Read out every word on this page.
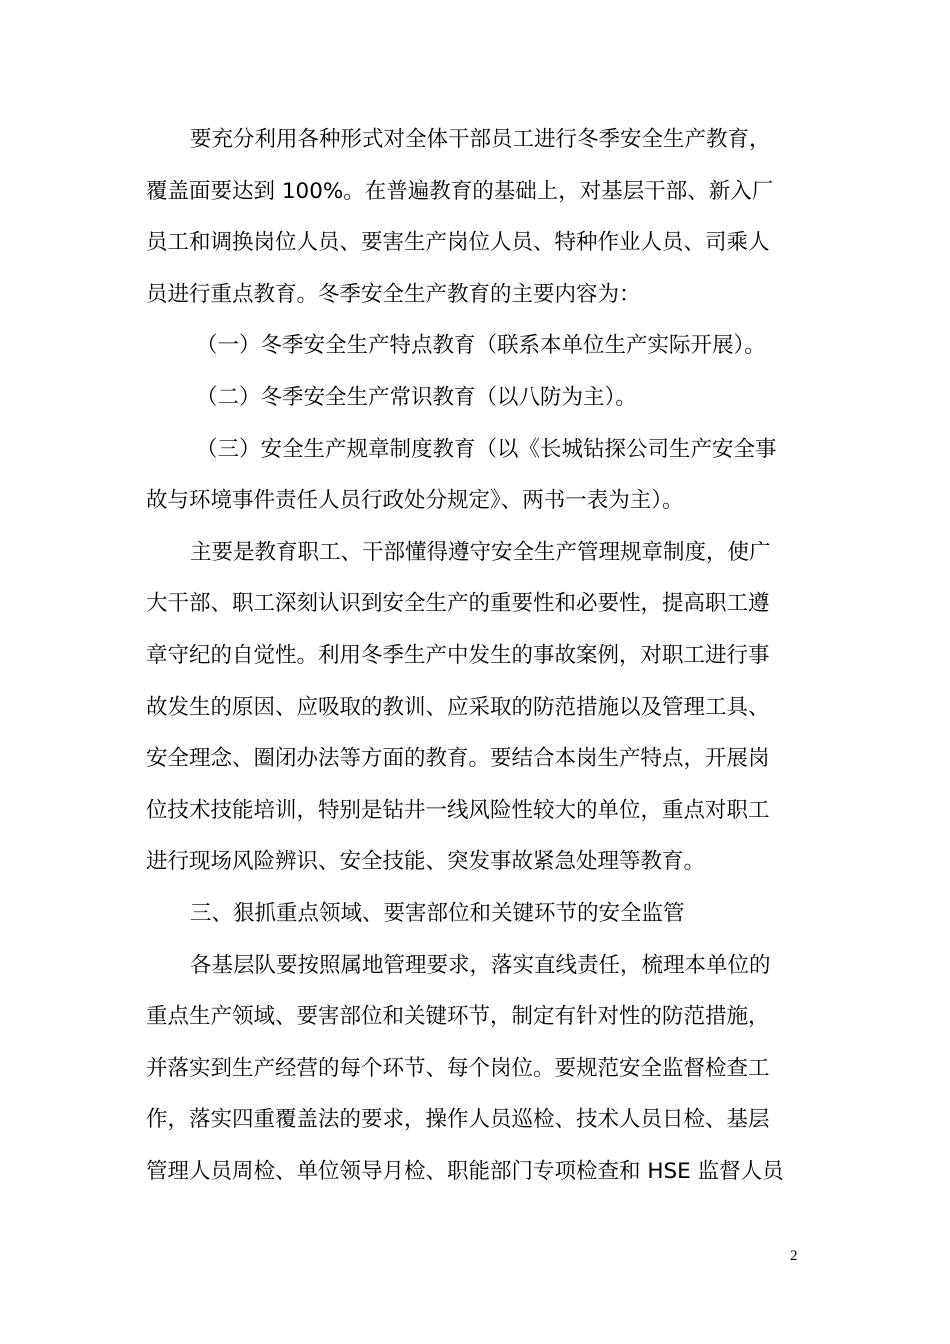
要充分利用各种形式对全体干部员工进行冬季安全生产教育，
覆盖面要达到 100%。在普遍教育的基础上，对基层干部、新入厂
员工和调换岗位人员、要害生产岗位人员、特种作业人员、司乘人
员进行重点教育。冬季安全生产教育的主要内容为：
（一）冬季安全生产特点教育（联系本单位生产实际开展）。
（二）冬季安全生产常识教育（以八防为主）。
（三）安全生产规章制度教育（以《长城钻探公司生产安全事
故与环境事件责任人员行政处分规定》、两书一表为主）。
主要是教育职工、干部懂得遵守安全生产管理规章制度，使广
大干部、职工深刻认识到安全生产的重要性和必要性，提高职工遵
章守纪的自觉性。利用冬季生产中发生的事故案例，对职工进行事
故发生的原因、应吸取的教训、应采取的防范措施以及管理工具、
安全理念、圈闭办法等方面的教育。要结合本岗生产特点，开展岗
位技术技能培训，特别是钻井一线风险性较大的单位，重点对职工
进行现场风险辨识、安全技能、突发事故紧急处理等教育。
三、狠抓重点领域、要害部位和关键环节的安全监管
各基层队要按照属地管理要求，落实直线责任，梳理本单位的
重点生产领域、要害部位和关键环节，制定有针对性的防范措施，
并落实到生产经营的每个环节、每个岗位。要规范安全监督检查工
作，落实四重覆盖法的要求，操作人员巡检、技术人员日检、基层
管理人员周检、单位领导月检、职能部门专项检查和 HSE 监督人员
2
